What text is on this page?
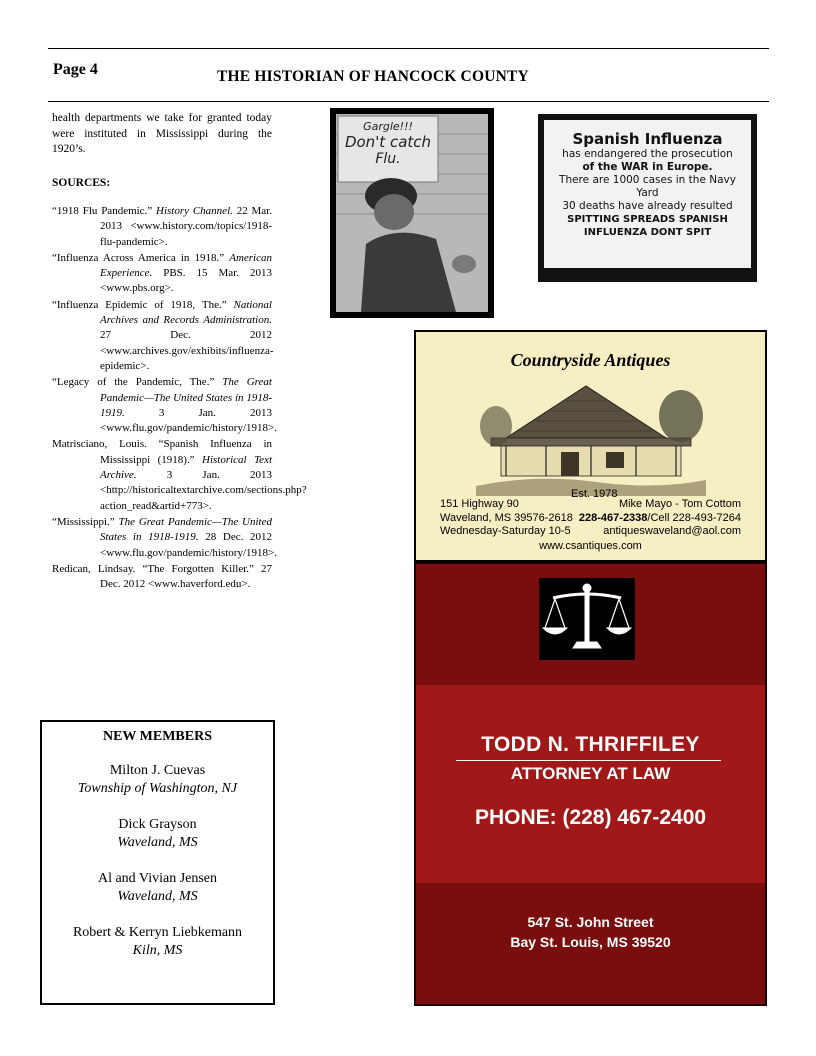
Page 4	THE HISTORIAN OF HANCOCK COUNTY

health departments we take for granted today were instituted in Mississippi during the 1920’s.

SOURCES:

“1918 Flu Pandemic.” History Channel. 22 Mar. 2013 <www.history.com/topics/1918-flu-pandemic>.

“Influenza Across America in 1918.” American Experience. PBS. 15 Mar. 2013 <www.pbs.org>.

“Influenza Epidemic of 1918, The.” National Archives and Records Administration. 27 Dec. 2012 <www.archives.gov/exhibits/influenza-epidemic>.

“Legacy of the Pandemic, The.” The Great Pandemic—The United States in 1918-1919. 3 Jan. 2013 <www.flu.gov/pandemic/history/1918>.

Matrisciano, Louis. “Spanish Influenza in Mississippi (1918).” Historical Text Archive. 3 Jan. 2013 <http://historicaltextarchive.com/sections.php?action_read&artid+773>.

“Mississippi.” The Great Pandemic—The United States in 1918-1919. 28 Dec. 2012 <www.flu.gov/pandemic/history/1918>.

Redican, Lindsay. “The Forgotten Killer.” 27 Dec. 2012 <www.haverford.edu>.

NEW MEMBERS
Milton J. Cuevas
Township of Washington, NJ
Dick Grayson
Waveland, MS
Al and Vivian Jensen
Waveland, MS
Robert & Kerryn Liebkemann
Kiln, MS
Gargle!!!
Don't catch
Flu.
Spanish Influenza
has endangered the prosecution
of the WAR in Europe.
There are 1000 cases in the Navy Yard
30 deaths have already resulted
SPITTING SPREADS SPANISH
INFLUENZA DONT SPIT
Countryside Antiques
Est. 1978
151 Highway 90
Waveland, MS 39576-2618
Wednesday-Saturday 10-5
Mike Mayo - Tom Cottom
228-467-2338/Cell 228-493-7264
antiqueswaveland@aol.com
www.csantiques.com
TODD N. THRIFFILEY
ATTORNEY AT LAW
PHONE: (228) 467-2400
547 St. John Street
Bay St. Louis, MS 39520
